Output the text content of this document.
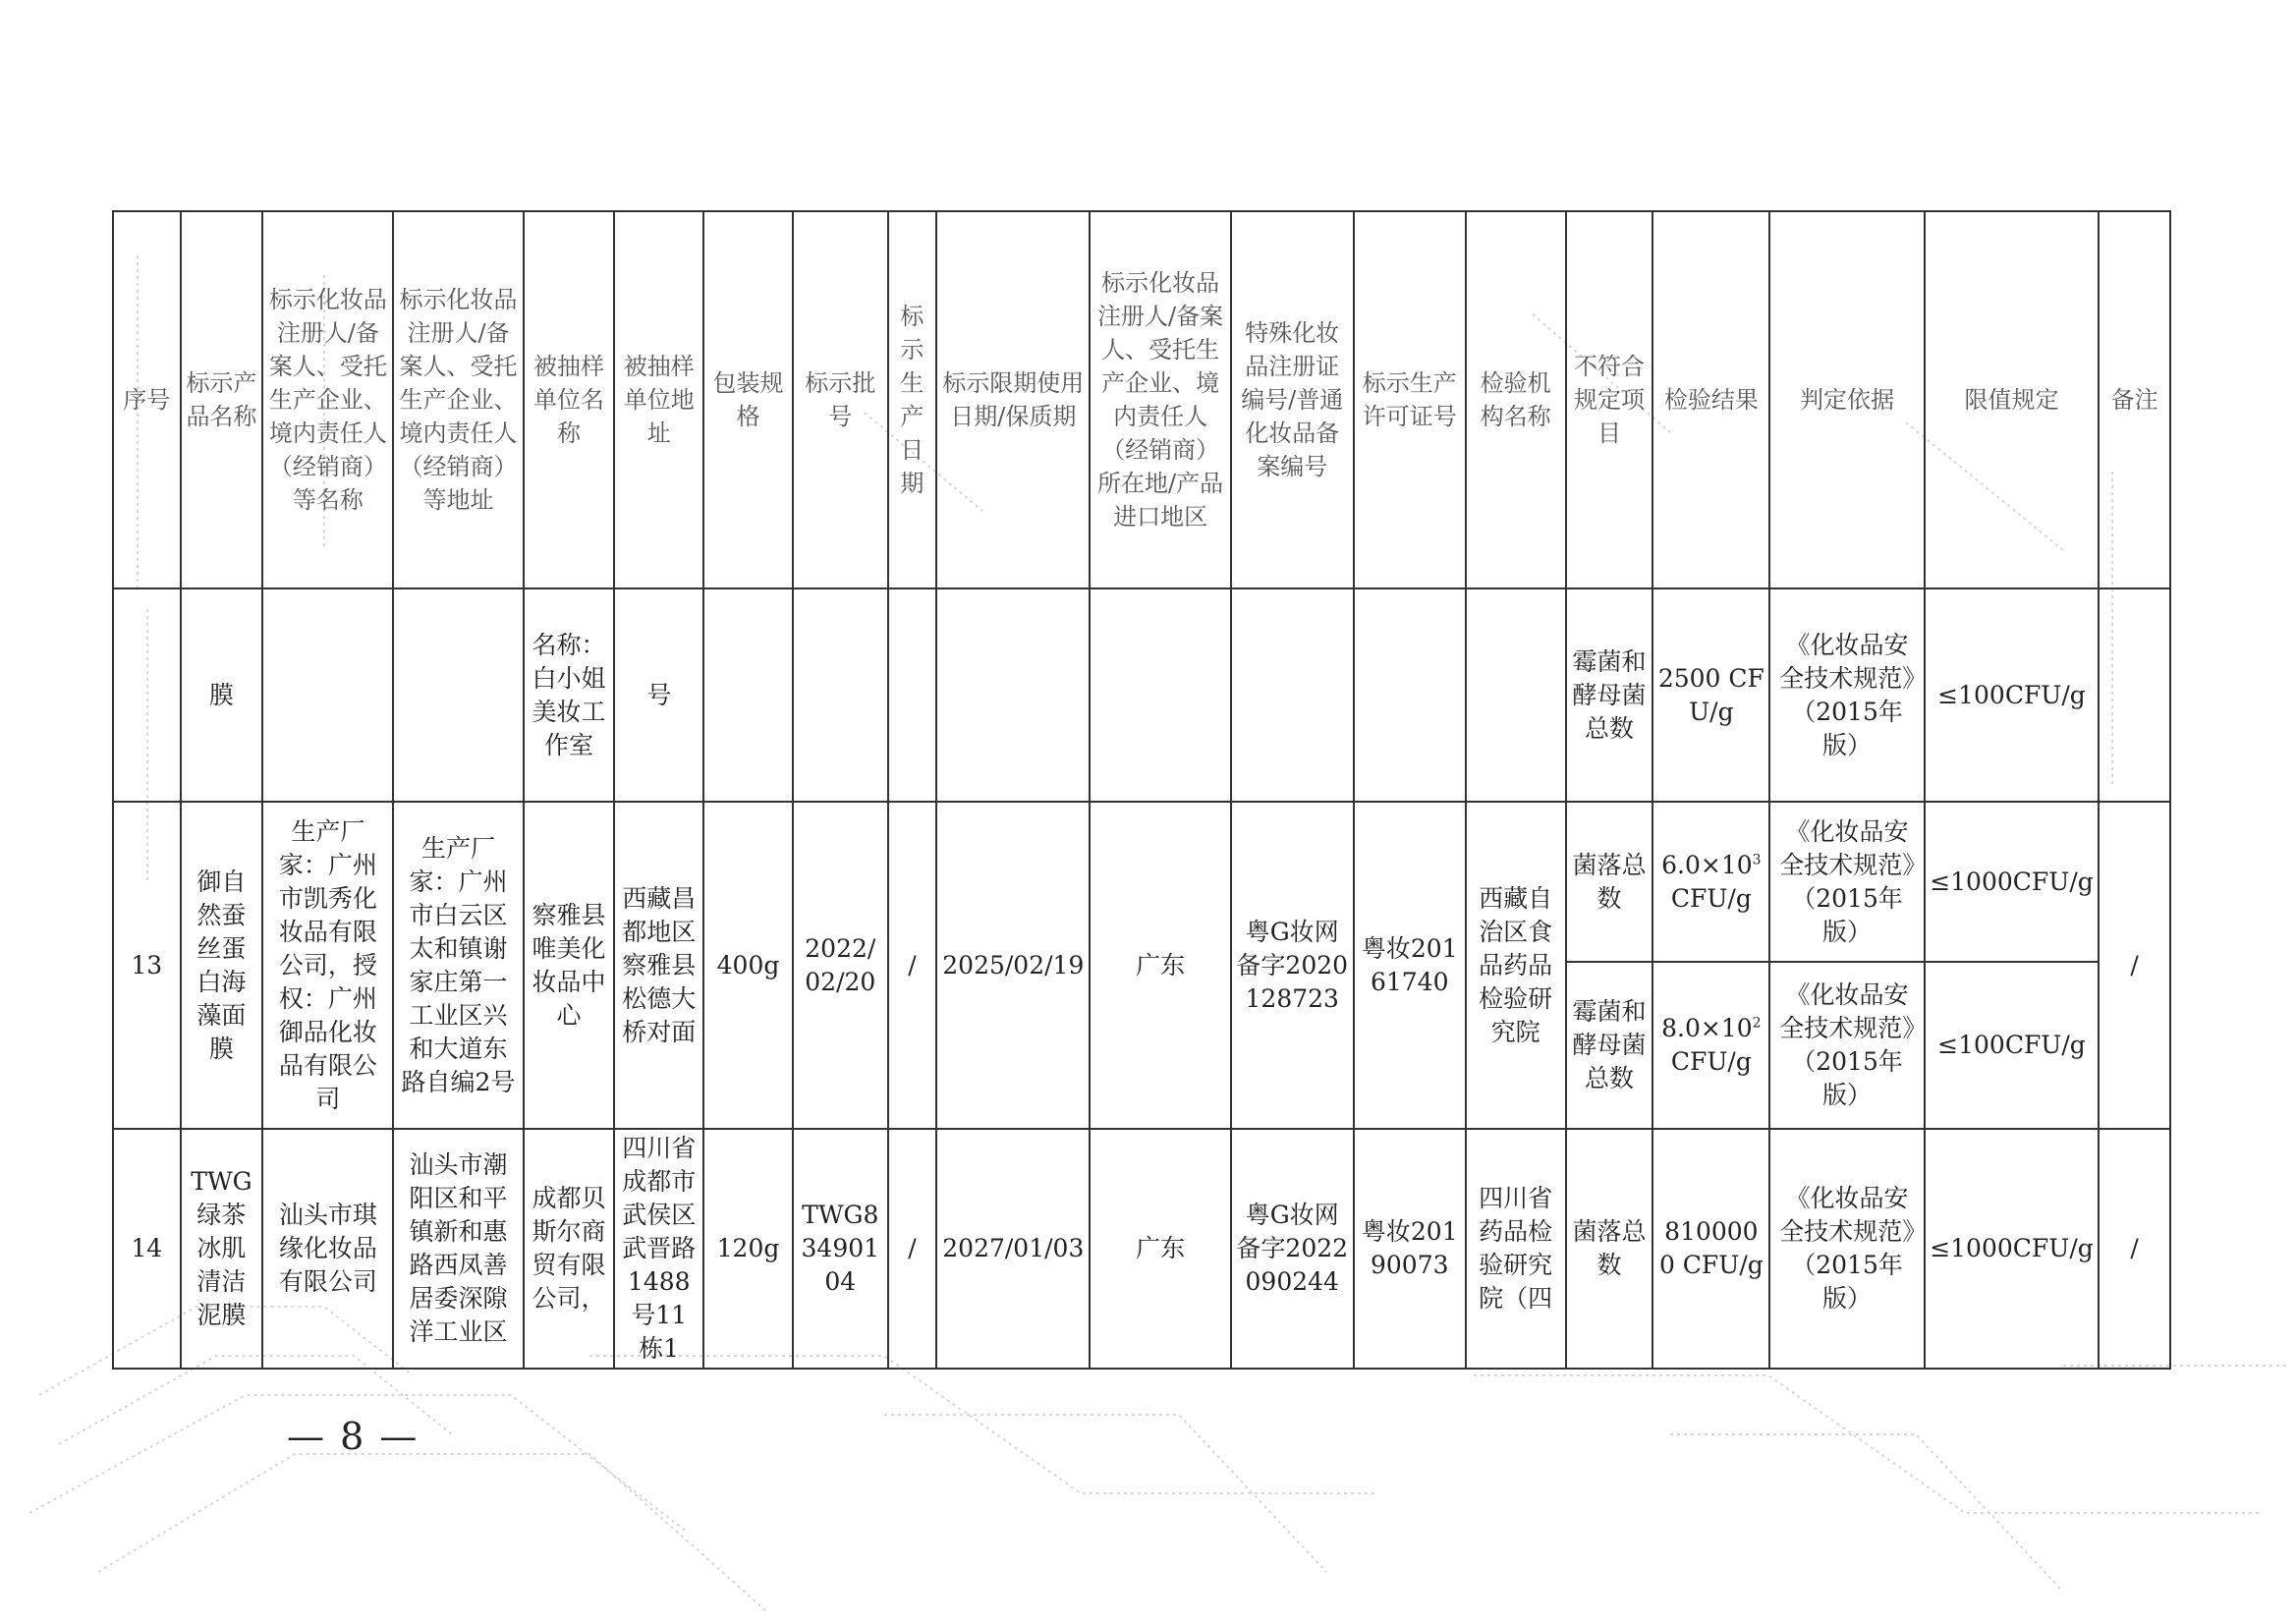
序号	标示产品名称	标示化妆品注册人/备案人、受托生产企业、境内责任人（经销商）等名称	标示化妆品注册人/备案人、受托生产企业、境内责任人（经销商）等地址	被抽样单位名称	被抽样单位地址	包装规格	标示批号	标示生产日期	标示限期使用日期/保质期	标示化妆品注册人/备案人、受托生产企业、境内责任人（经销商）所在地/产品进口地区	特殊化妆品注册证编号/普通化妆品备案编号	标示生产许可证号	检验机构名称	不符合规定项目	检验结果	判定依据	限值规定	备注
	膜			名称：白小姐美妆工作室	号									霉菌和酵母菌总数	2500 CFU/g	《化妆品安全技术规范》（2015年版）	≤100CFU/g	
13	御自然蚕丝蛋白海藻面膜	生产厂家：广州市凯秀化妆品有限公司，授权：广州御品化妆品有限公司	生产厂家：广州市白云区太和镇谢家庄第一工业区兴和大道东路自编2号	察雅县唯美化妆品中心	西藏昌都地区察雅县松德大桥对面	400g	2022/02/20	/	2025/02/19	广东	粤G妆网备字2020128723	粤妆20161740	西藏自治区食品药品检验研究院	菌落总数	$6.0\times 10^3$ CFU/g	《化妆品安全技术规范》（2015年版）	≤1000CFU/g	/
														霉菌和酵母菌总数	$8.0\times 10^2$ CFU/g	《化妆品安全技术规范》（2015年版）	≤100CFU/g	
14	TWG绿茶冰肌清洁泥膜	汕头市琪缘化妆品有限公司	汕头市潮阳区和平镇新和惠路西凤善居委深隙洋工业区	成都贝斯尔商贸有限公司，	四川省成都市武侯区武晋路1488号11栋1	120g	TWG83490104	/	2027/01/03	广东	粤G妆网备字2022090244	粤妆20190073	四川省药品检验研究院（四	菌落总数	8100000 CFU/g	《化妆品安全技术规范》（2015年版）	≤1000CFU/g	/
— 8 —
